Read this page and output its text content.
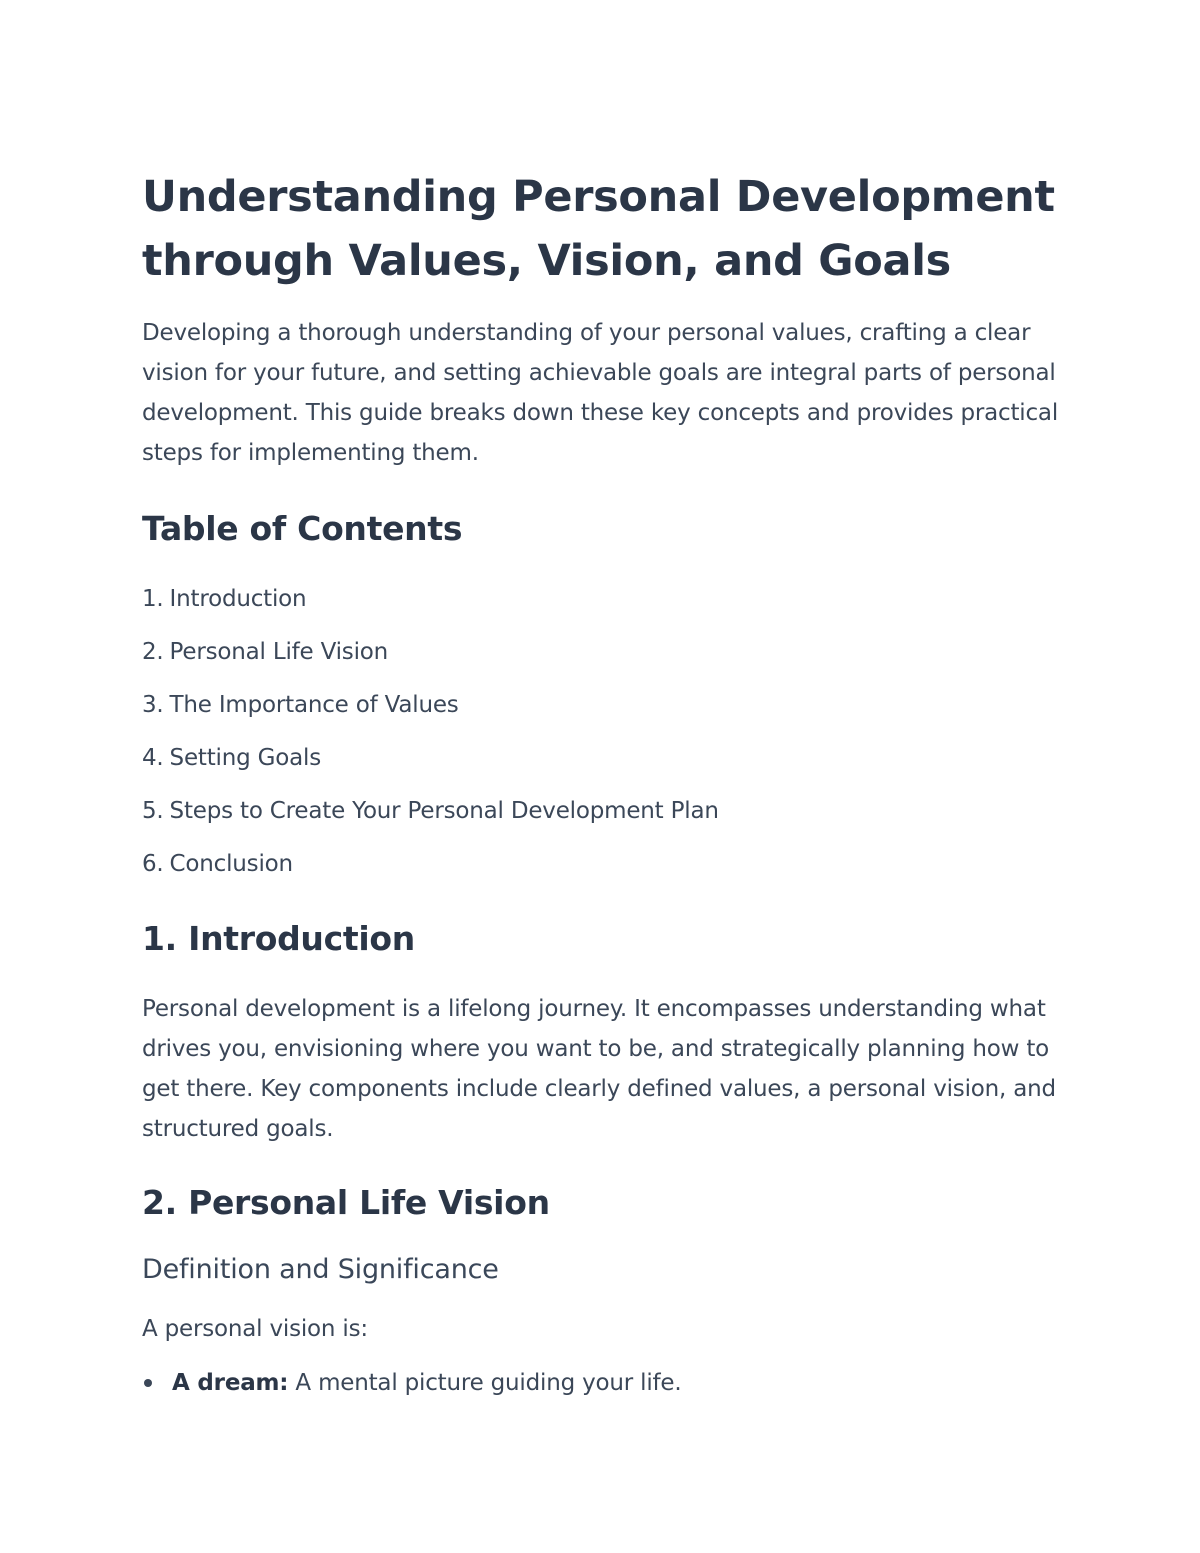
Understanding Personal Development through Values, Vision, and Goals

Developing a thorough understanding of your personal values, crafting a clear vision for your future, and setting achievable goals are integral parts of personal development. This guide breaks down these key concepts and provides practical steps for implementing them.

Table of Contents
1. Introduction
2. Personal Life Vision
3. The Importance of Values
4. Setting Goals
5. Steps to Create Your Personal Development Plan
6. Conclusion
1. Introduction

Personal development is a lifelong journey. It encompasses understanding what drives you, envisioning where you want to be, and strategically planning how to get there. Key components include clearly defined values, a personal vision, and structured goals.

2. Personal Life Vision
Definition and Significance

A personal vision is:

A dream: A mental picture guiding your life.
